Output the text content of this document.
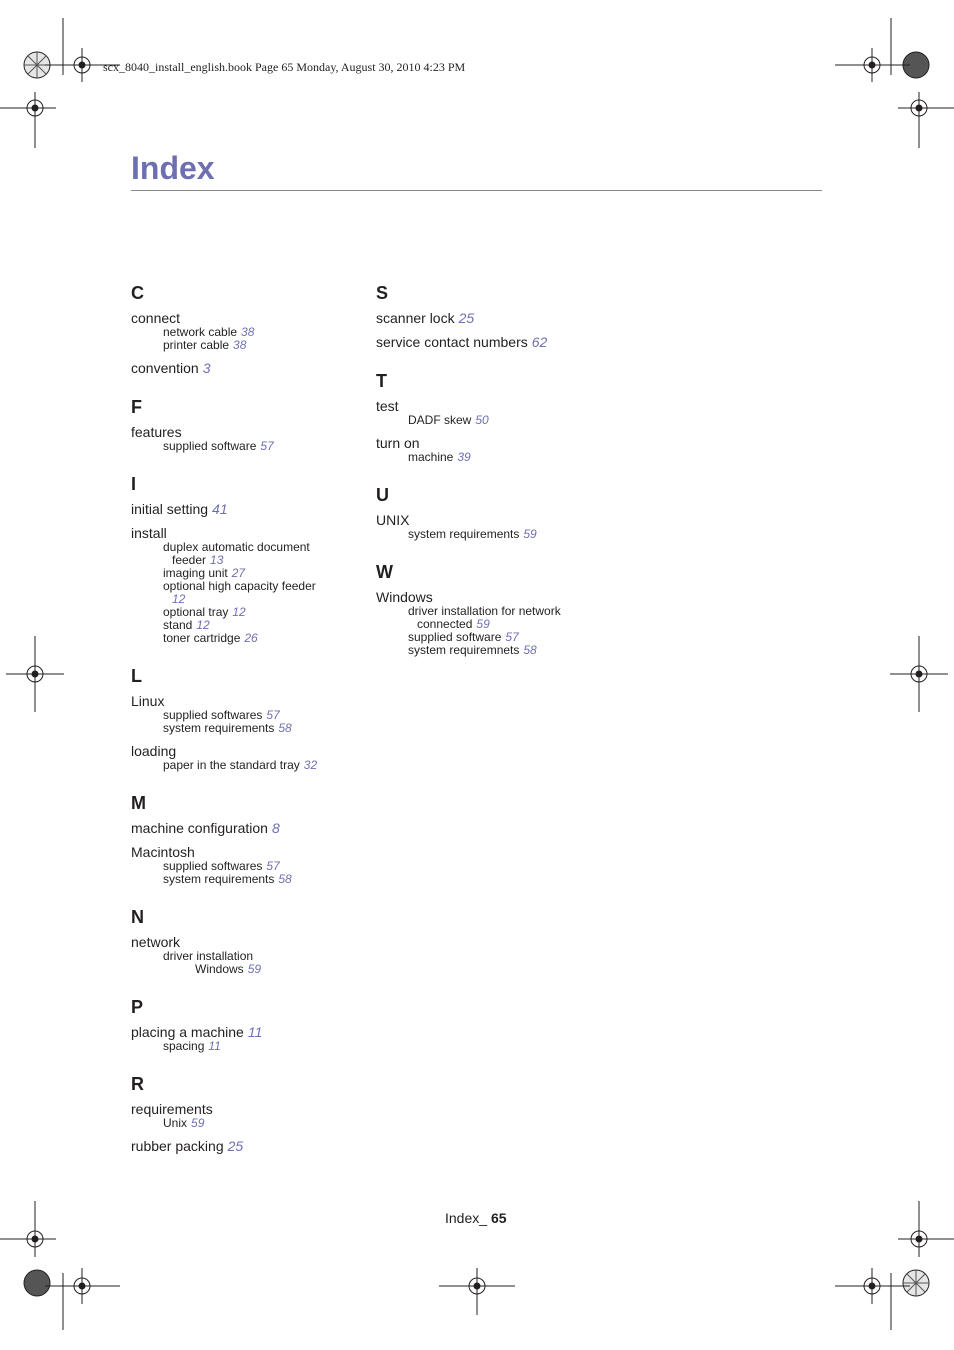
scx_8040_install_english.book Page 65 Monday, August 30, 2010 4:23 PM
Index
C
connect
network cable 38
printer cable 38
convention 3
F
features
supplied software 57
I
initial setting 41
install
duplex automatic document
feeder 13
imaging unit 27
optional high capacity feeder
12
optional tray 12
stand 12
toner cartridge 26
L
Linux
supplied softwares 57
system requirements 58
loading
paper in the standard tray 32
M
machine configuration 8
Macintosh
supplied softwares 57
system requirements 58
N
network
driver installation
Windows 59
P
placing a machine 11
spacing 11
R
requirements
Unix 59
rubber packing 25
S
scanner lock 25
service contact numbers 62
T
test
DADF skew 50
turn on
machine 39
U
UNIX
system requirements 59
W
Windows
driver installation for network
connected 59
supplied software 57
system requiremnets 58
Index_ 65
